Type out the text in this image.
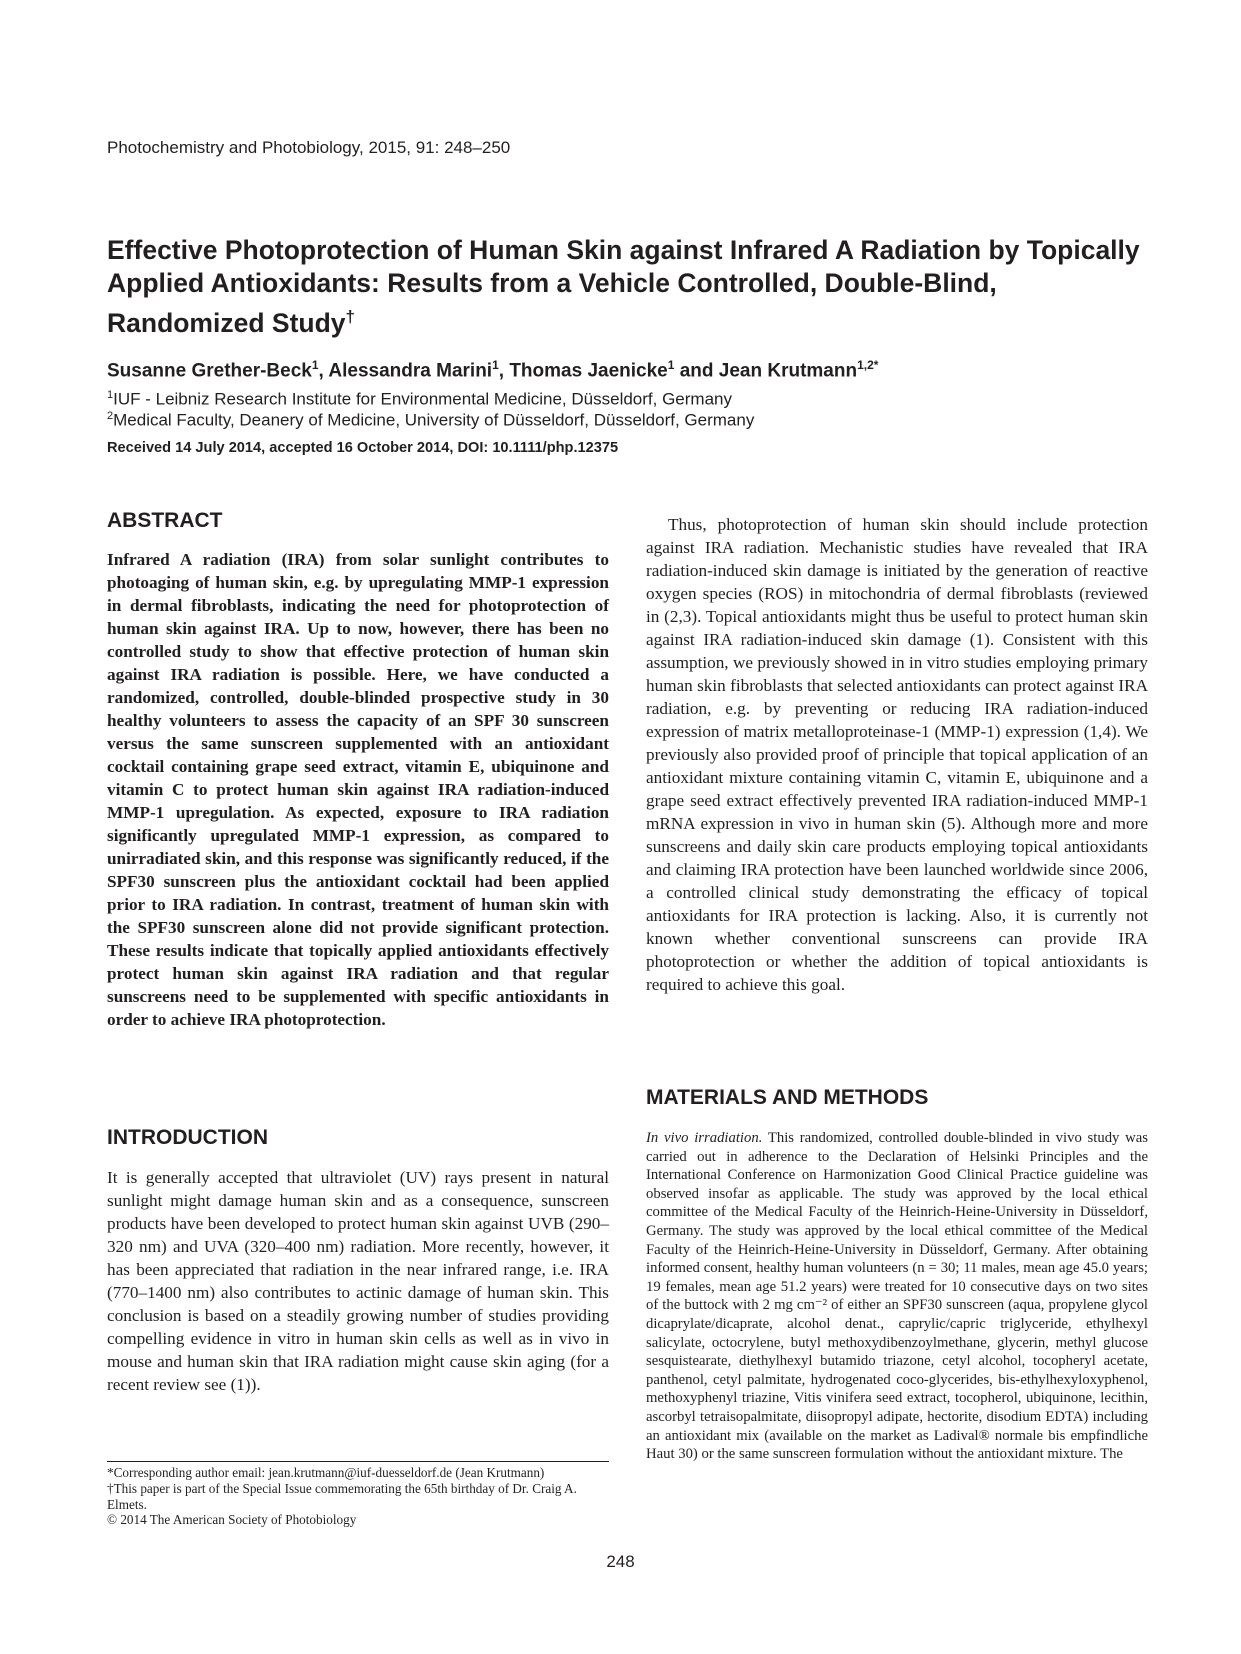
Photochemistry and Photobiology, 2015, 91: 248–250
Effective Photoprotection of Human Skin against Infrared A Radiation by Topically Applied Antioxidants: Results from a Vehicle Controlled, Double-Blind, Randomized Study†
Susanne Grether-Beck$^1$, Alessandra Marini$^1$, Thomas Jaenicke$^1$ and Jean Krutmann$^{1,2*}$
$^1$IUF - Leibniz Research Institute for Environmental Medicine, Düsseldorf, Germany
$^2$Medical Faculty, Deanery of Medicine, University of Düsseldorf, Düsseldorf, Germany
Received 14 July 2014, accepted 16 October 2014, DOI: 10.1111/php.12375
ABSTRACT

Infrared A radiation (IRA) from solar sunlight contributes to photoaging of human skin, e.g. by upregulating MMP-1 expression in dermal fibroblasts, indicating the need for photoprotection of human skin against IRA. Up to now, however, there has been no controlled study to show that effective protection of human skin against IRA radiation is possible. Here, we have conducted a randomized, controlled, double-blinded prospective study in 30 healthy volunteers to assess the capacity of an SPF 30 sunscreen versus the same sunscreen supplemented with an antioxidant cocktail containing grape seed extract, vitamin E, ubiquinone and vitamin C to protect human skin against IRA radiation-induced MMP-1 upregulation. As expected, exposure to IRA radiation significantly upregulated MMP-1 expression, as compared to unirradiated skin, and this response was significantly reduced, if the SPF30 sunscreen plus the antioxidant cocktail had been applied prior to IRA radiation. In contrast, treatment of human skin with the SPF30 sunscreen alone did not provide significant protection. These results indicate that topically applied antioxidants effectively protect human skin against IRA radiation and that regular sunscreens need to be supplemented with specific antioxidants in order to achieve IRA photoprotection.

INTRODUCTION

It is generally accepted that ultraviolet (UV) rays present in natural sunlight might damage human skin and as a consequence, sunscreen products have been developed to protect human skin against UVB (290–320 nm) and UVA (320–400 nm) radiation. More recently, however, it has been appreciated that radiation in the near infrared range, i.e. IRA (770–1400 nm) also contributes to actinic damage of human skin. This conclusion is based on a steadily growing number of studies providing compelling evidence in vitro in human skin cells as well as in vivo in mouse and human skin that IRA radiation might cause skin aging (for a recent review see (1)).

Thus, photoprotection of human skin should include protection against IRA radiation. Mechanistic studies have revealed that IRA radiation-induced skin damage is initiated by the generation of reactive oxygen species (ROS) in mitochondria of dermal fibroblasts (reviewed in (2,3). Topical antioxidants might thus be useful to protect human skin against IRA radiation-induced skin damage (1). Consistent with this assumption, we previously showed in in vitro studies employing primary human skin fibroblasts that selected antioxidants can protect against IRA radiation, e.g. by preventing or reducing IRA radiation-induced expression of matrix metalloproteinase-1 (MMP-1) expression (1,4). We previously also provided proof of principle that topical application of an antioxidant mixture containing vitamin C, vitamin E, ubiquinone and a grape seed extract effectively prevented IRA radiation-induced MMP-1 mRNA expression in vivo in human skin (5). Although more and more sunscreens and daily skin care products employing topical antioxidants and claiming IRA protection have been launched worldwide since 2006, a controlled clinical study demonstrating the efficacy of topical antioxidants for IRA protection is lacking. Also, it is currently not known whether conventional sunscreens can provide IRA photoprotection or whether the addition of topical antioxidants is required to achieve this goal.

MATERIALS AND METHODS

In vivo irradiation. This randomized, controlled double-blinded in vivo study was carried out in adherence to the Declaration of Helsinki Principles and the International Conference on Harmonization Good Clinical Practice guideline was observed insofar as applicable. The study was approved by the local ethical committee of the Medical Faculty of the Heinrich-Heine-University in Düsseldorf, Germany. The study was approved by the local ethical committee of the Medical Faculty of the Heinrich-Heine-University in Düsseldorf, Germany. After obtaining informed consent, healthy human volunteers (n = 30; 11 males, mean age 45.0 years; 19 females, mean age 51.2 years) were treated for 10 consecutive days on two sites of the buttock with 2 mg cm⁻² of either an SPF30 sunscreen (aqua, propylene glycol dicaprylate/dicaprate, alcohol denat., caprylic/capric triglyceride, ethylhexyl salicylate, octocrylene, butyl methoxydibenzoylmethane, glycerin, methyl glucose sesquistearate, diethylhexyl butamido triazone, cetyl alcohol, tocopheryl acetate, panthenol, cetyl palmitate, hydrogenated coco-glycerides, bis-ethylhexyloxyphenol, methoxyphenyl triazine, Vitis vinifera seed extract, tocopherol, ubiquinone, lecithin, ascorbyl tetraisopalmitate, diisopropyl adipate, hectorite, disodium EDTA) including an antioxidant mix (available on the market as Ladival® normale bis empfindliche Haut 30) or the same sunscreen formulation without the antioxidant mixture. The

*Corresponding author email: jean.krutmann@iuf-duesseldorf.de (Jean Krutmann)

†This paper is part of the Special Issue commemorating the 65th birthday of Dr. Craig A. Elmets.

© 2014 The American Society of Photobiology

248
